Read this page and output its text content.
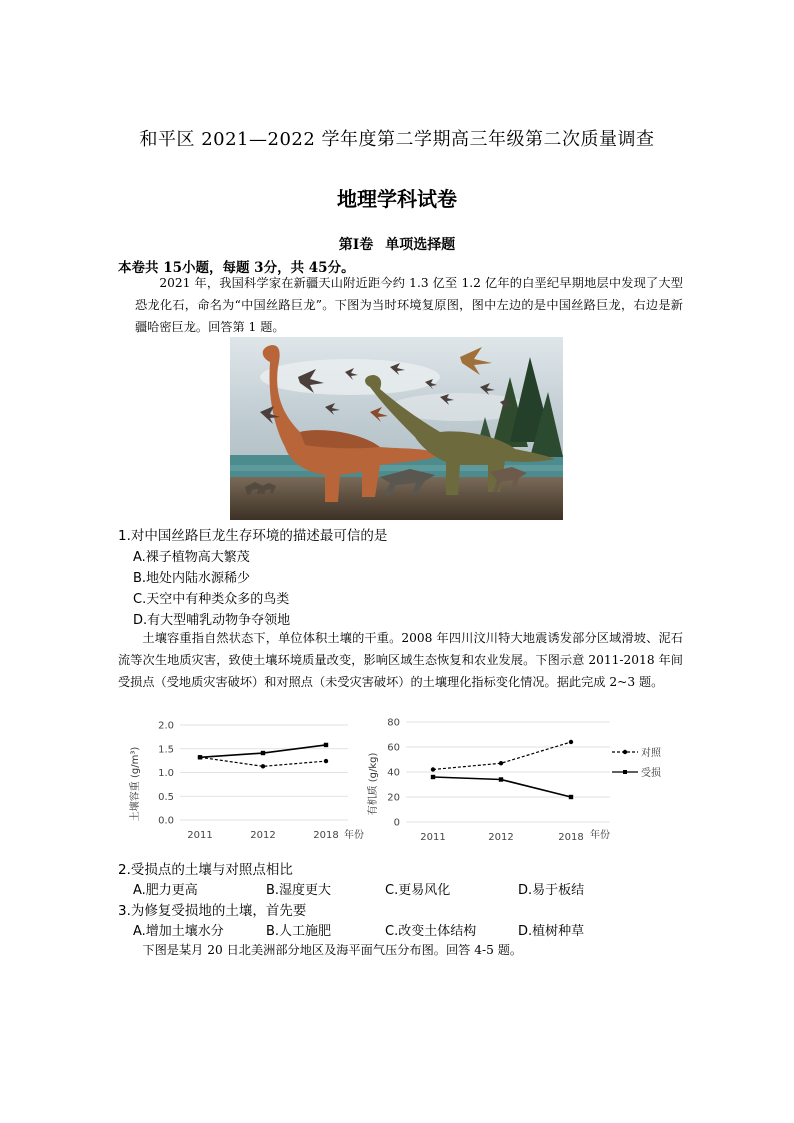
和平区 2021—2022 学年度第二学期高三年级第二次质量调查
地理学科试卷
第Ⅰ卷 单项选择题
本卷共 15小题，每题 3分，共 45分。
2021 年，我国科学家在新疆天山附近距今约 1.3 亿至 1.2 亿年的白垩纪早期地层中发现了大型恐龙化石，命名为“中国丝路巨龙”。下图为当时环境复原图，图中左边的是中国丝路巨龙，右边是新疆哈密巨龙。回答第 1 题。
1.对中国丝路巨龙生存环境的描述最可信的是
A.裸子植物高大繁茂
B.地处内陆水源稀少
C.天空中有种类众多的鸟类
D.有大型哺乳动物争夺领地
土壤容重指自然状态下，单位体积土壤的干重。2008 年四川汶川特大地震诱发部分区域滑坡、泥石流等次生地质灾害，致使土壤环境质量改变，影响区域生态恢复和农业发展。下图示意 2011-2018 年间受损点（受地质灾害破坏）和对照点（未受灾害破坏）的土壤理化指标变化情况。据此完成 2~3 题。
土壤容重 (g/m³) 0.0
0.5
1.0
1.5
2.0
2011	2012	2018 年份
有机质 (g/kg)
0
20
40
60
80
2011	2012	2018 年份
对照
受损
2.受损点的土壤与对照点相比
A.肥力更高	B.湿度更大	C.更易风化	D.易于板结
3.为修复受损地的土壤，首先要
A.增加土壤水分	B.人工施肥	C.改变土体结构	D.植树种草
下图是某月 20 日北美洲部分地区及海平面气压分布图。回答 4-5 题。
